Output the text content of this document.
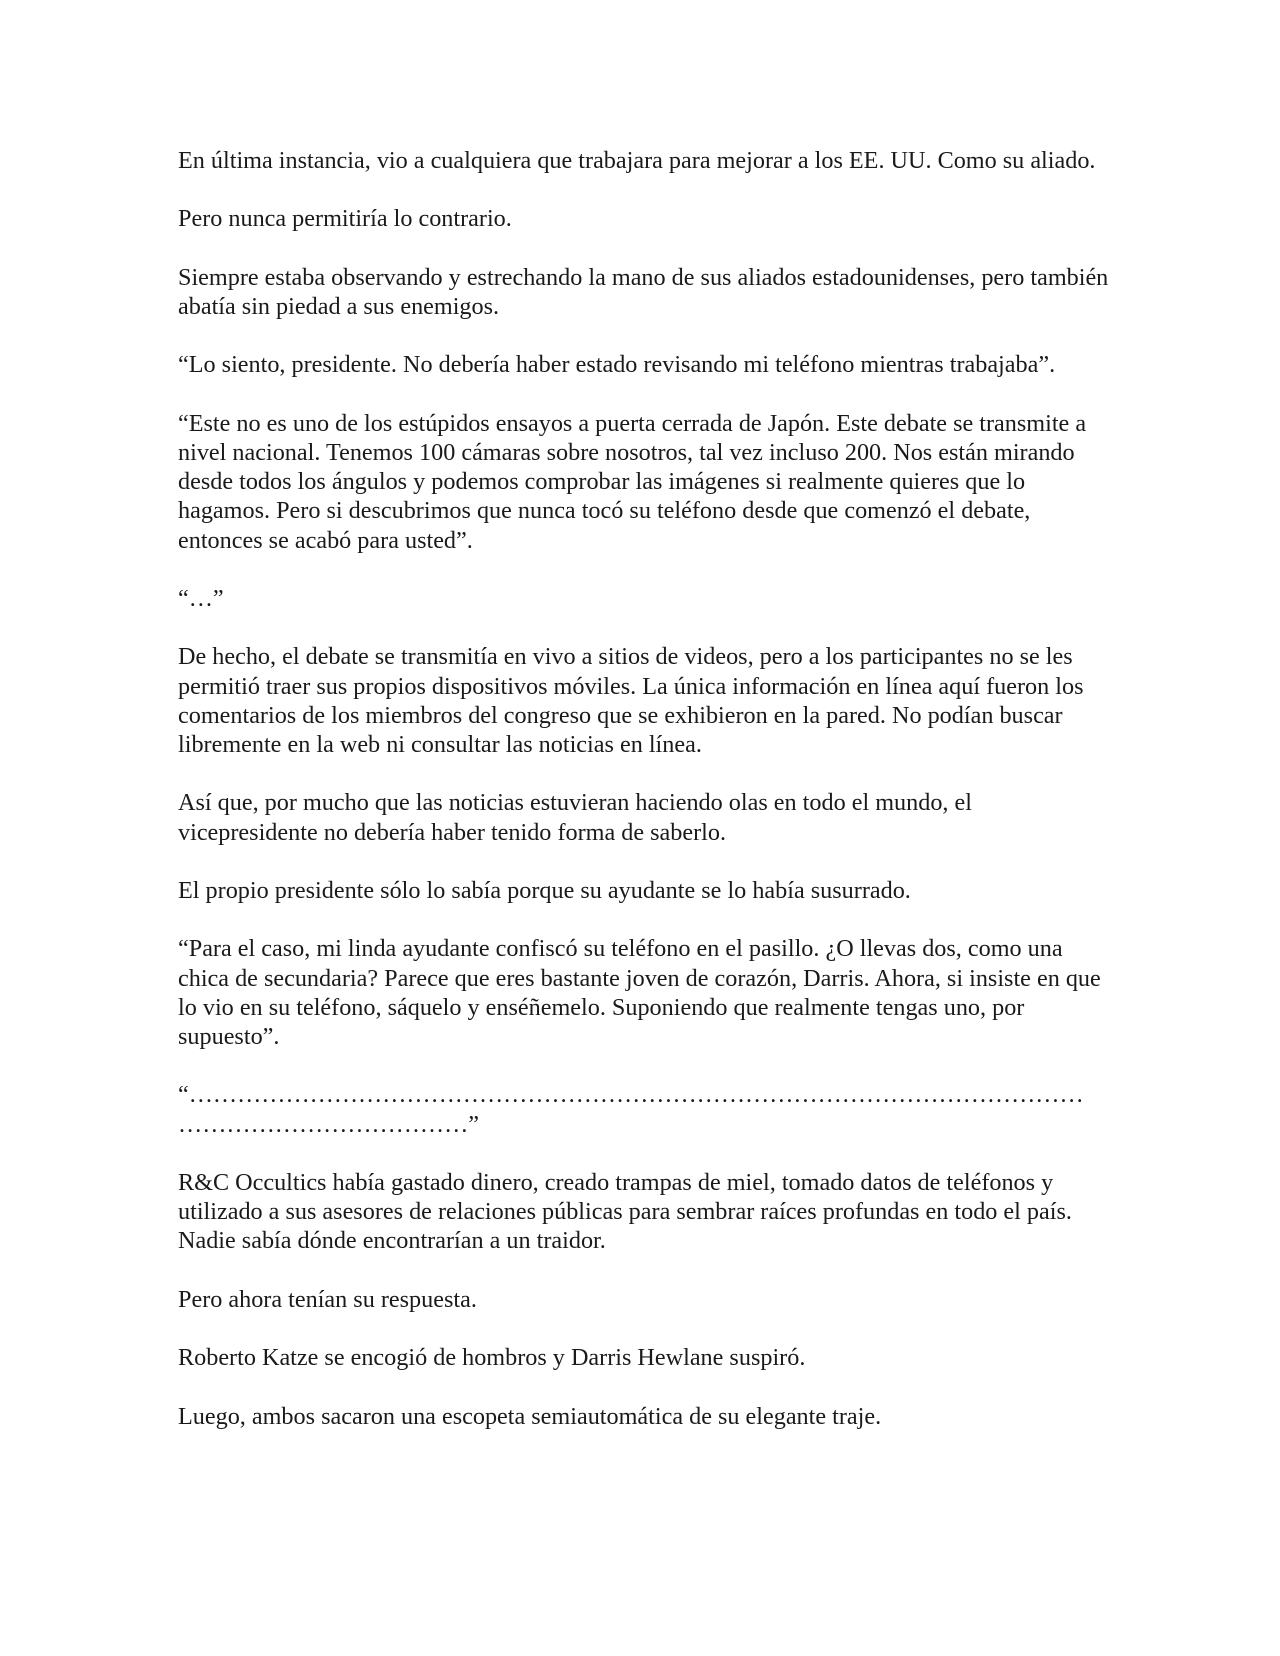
En última instancia, vio a cualquiera que trabajara para mejorar a los EE. UU. Como su aliado.

Pero nunca permitiría lo contrario.

Siempre estaba observando y estrechando la mano de sus aliados estadounidenses, pero también abatía sin piedad a sus enemigos.

“Lo siento, presidente. No debería haber estado revisando mi teléfono mientras trabajaba”.

“Este no es uno de los estúpidos ensayos a puerta cerrada de Japón. Este debate se transmite a nivel nacional. Tenemos 100 cámaras sobre nosotros, tal vez incluso 200. Nos están mirando desde todos los ángulos y podemos comprobar las imágenes si realmente quieres que lo hagamos. Pero si descubrimos que nunca tocó su teléfono desde que comenzó el debate, entonces se acabó para usted”.

“…”

De hecho, el debate se transmitía en vivo a sitios de videos, pero a los participantes no se les permitió traer sus propios dispositivos móviles. La única información en línea aquí fueron los comentarios de los miembros del congreso que se exhibieron en la pared. No podían buscar libremente en la web ni consultar las noticias en línea.

Así que, por mucho que las noticias estuvieran haciendo olas en todo el mundo, el vicepresidente no debería haber tenido forma de saberlo.

El propio presidente sólo lo sabía porque su ayudante se lo había susurrado.

“Para el caso, mi linda ayudante confiscó su teléfono en el pasillo. ¿O llevas dos, como una chica de secundaria? Parece que eres bastante joven de corazón, Darris. Ahora, si insiste en que lo vio en su teléfono, sáquelo y enséñemelo. Suponiendo que realmente tengas uno, por supuesto”.

“…………………………………………………………………………………………………
………………………………”

R&C Occultics había gastado dinero, creado trampas de miel, tomado datos de teléfonos y utilizado a sus asesores de relaciones públicas para sembrar raíces profundas en todo el país. Nadie sabía dónde encontrarían a un traidor.

Pero ahora tenían su respuesta.

Roberto Katze se encogió de hombros y Darris Hewlane suspiró.

Luego, ambos sacaron una escopeta semiautomática de su elegante traje.
